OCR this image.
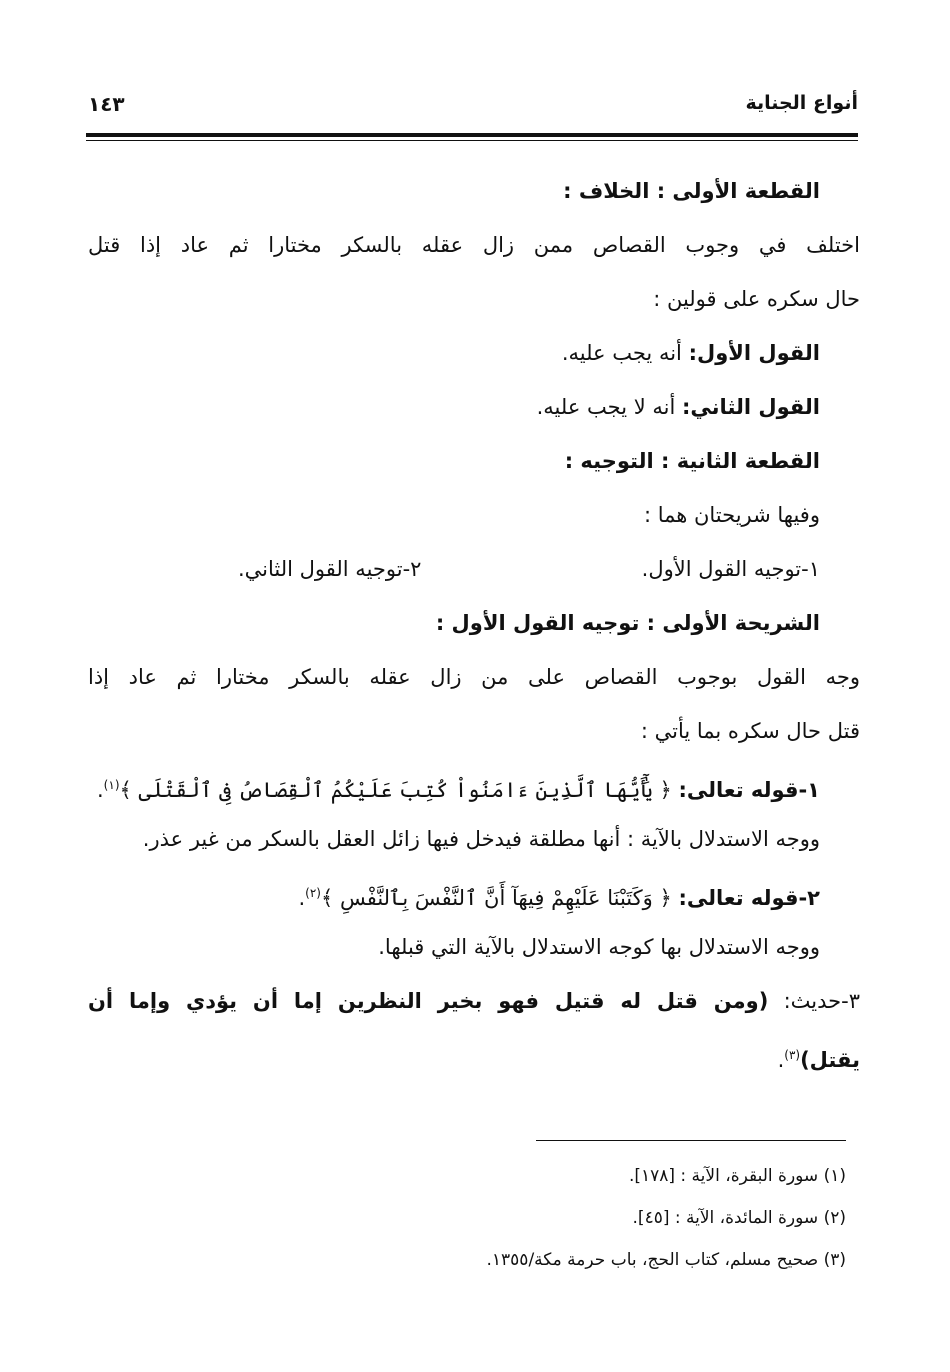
أنواع الجناية
١٤٣
القطعة الأولى : الخلاف :
اختلف في وجوب القصاص ممن زال عقله بالسكر مختارا ثم عاد إذا قتل
حال سكره على قولين :
القول الأول: أنه يجب عليه.
القول الثاني: أنه لا يجب عليه.
القطعة الثانية : التوجيه :
وفيها شريحتان هما :
١-توجيه القول الأول.
٢-توجيه القول الثاني.
الشريحة الأولى : توجيه القول الأول :
وجه القول بوجوب القصاص على من زال عقله بالسكر مختارا ثم عاد إذا
قتل حال سكره بما يأتي :
١-قوله تعالى: ﴿ يَٰٓأَيُّهَا ٱلَّذِينَ ءَامَنُواْ كُتِبَ عَلَيْكُمُ ٱلْقِصَاصُ فِى ٱلْقَتْلَى ﴾$^{(١)}$.
ووجه الاستدلال بالآية : أنها مطلقة فيدخل فيها زائل العقل بالسكر من غير عذر.
٢-قوله تعالى: ﴿ وَكَتَبْنَا عَلَيْهِمْ فِيهَآ أَنَّ ٱلنَّفْسَ بِٱلنَّفْسِ ﴾$^{(٢)}$.
ووجه الاستدلال بها كوجه الاستدلال بالآية التي قبلها.
٣-حديث: (ومن قتل له قتيل فهو بخير النظرين إما أن يؤدي وإما أن
يقتل)$^{(٣)}$.
(١) سورة البقرة، الآية : [١٧٨].
(٢) سورة المائدة، الآية : [٤٥].
(٣) صحيح مسلم، كتاب الحج، باب حرمة مكة/١٣٥٥.
